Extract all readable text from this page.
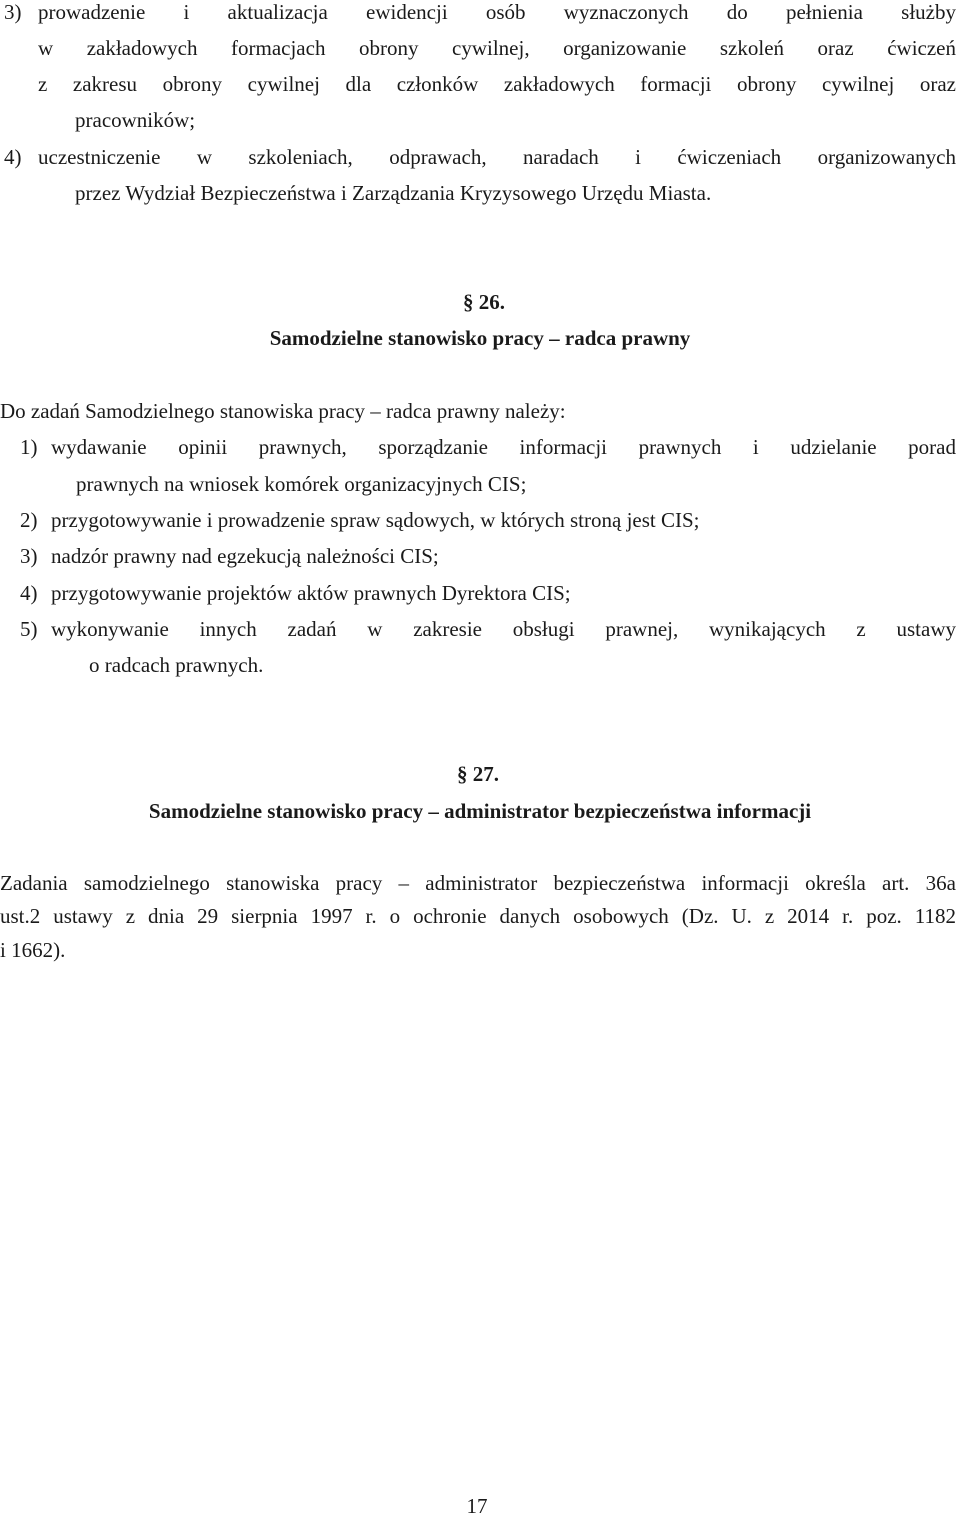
3) prowadzenie i aktualizacja ewidencji osób wyznaczonych do pełnienia służby
w zakładowych formacjach obrony cywilnej, organizowanie szkoleń oraz ćwiczeń
z zakresu obrony cywilnej dla członków zakładowych formacji obrony cywilnej oraz
pracowników;
4) uczestniczenie w szkoleniach, odprawach, naradach i ćwiczeniach organizowanych
przez Wydział Bezpieczeństwa i Zarządzania Kryzysowego Urzędu Miasta.
§ 26.
Samodzielne stanowisko pracy – radca prawny
Do zadań Samodzielnego stanowiska pracy – radca prawny należy:
1) wydawanie opinii prawnych, sporządzanie informacji prawnych i udzielanie porad
prawnych na wniosek komórek organizacyjnych CIS;
2) przygotowywanie i prowadzenie spraw sądowych, w których stroną jest CIS;
3) nadzór prawny nad egzekucją należności CIS;
4) przygotowywanie projektów aktów prawnych Dyrektora CIS;
5) wykonywanie innych zadań w zakresie obsługi prawnej, wynikających z ustawy
o radcach prawnych.
§ 27.
Samodzielne stanowisko pracy – administrator bezpieczeństwa informacji
Zadania samodzielnego stanowiska pracy – administrator bezpieczeństwa informacji określa art. 36a
ust.2 ustawy z dnia 29 sierpnia 1997 r. o ochronie danych osobowych (Dz. U. z 2014 r. poz. 1182
i 1662).
17
